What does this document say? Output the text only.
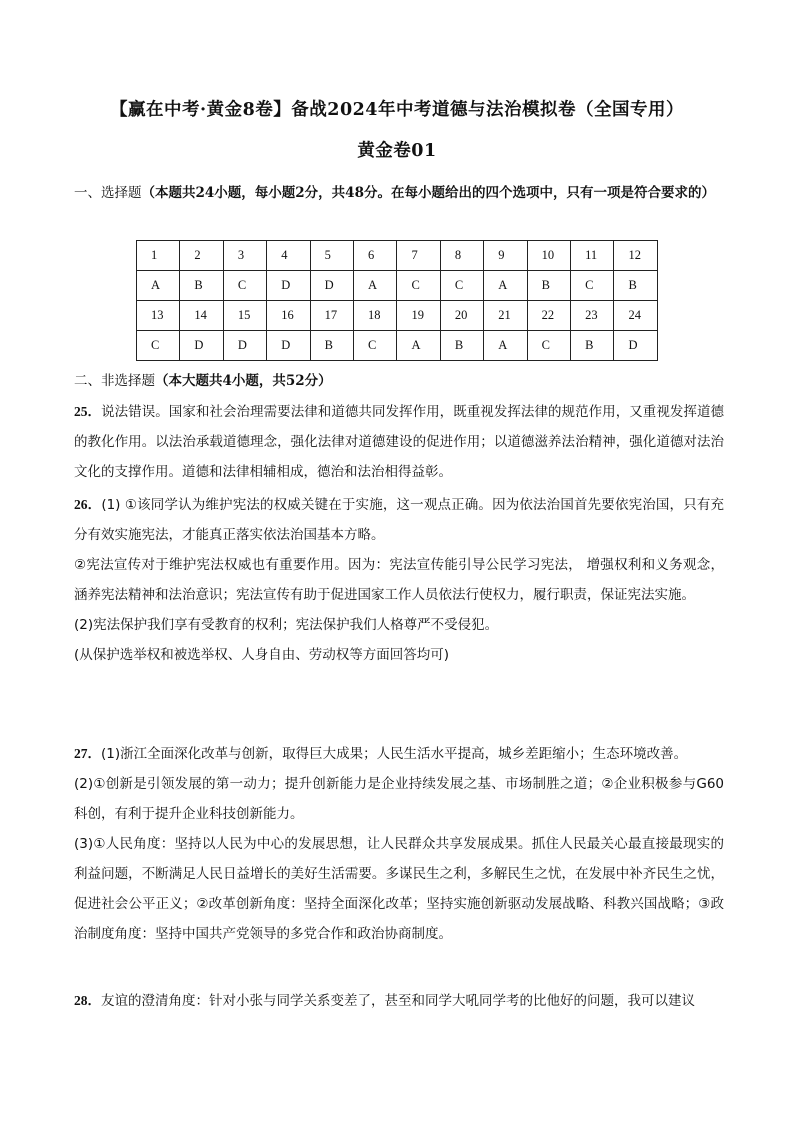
【赢在中考·黄金8卷】备战2024年中考道德与法治模拟卷（全国专用）
黄金卷01
一、选择题（本题共24小题，每小题2分，共48分。在每小题给出的四个选项中，只有一项是符合要求的）
1	2	3	4	5	6	7	8	9	10	11	12
A	B	C	D	D	A	C	C	A	B	C	B
13	14	15	16	17	18	19	20	21	22	23	24
C	D	D	D	B	C	A	B	A	C	B	D
二、非选择题（本大题共4小题，共52分）
25．说法错误。国家和社会治理需要法律和道德共同发挥作用，既重视发挥法律的规范作用，又重视发挥道德的教化作用。以法治承载道德理念，强化法律对道德建设的促进作用；以道德滋养法治精神，强化道德对法治文化的支撑作用。道德和法律相辅相成，德治和法治相得益彰。
26．(1) ①该同学认为维护宪法的权威关键在于实施，这一观点正确。因为依法治国首先要依宪治国，只有充分有效实施宪法，才能真正落实依法治国基本方略。
②宪法宣传对于维护宪法权威也有重要作用。因为：宪法宣传能引导公民学习宪法， 增强权利和义务观念，涵养宪法精神和法治意识；宪法宣传有助于促进国家工作人员依法行使权力，履行职责，保证宪法实施。
(2)宪法保护我们享有受教育的权利；宪法保护我们人格尊严不受侵犯。
(从保护选举权和被选举权、人身自由、劳动权等方面回答均可)
27．(1)浙江全面深化改革与创新，取得巨大成果；人民生活水平提高，城乡差距缩小；生态环境改善。
(2)①创新是引领发展的第一动力；提升创新能力是企业持续发展之基、市场制胜之道；②企业积极参与G60科创，有利于提升企业科技创新能力。
(3)①人民角度：坚持以人民为中心的发展思想，让人民群众共享发展成果。抓住人民最关心最直接最现实的利益问题，不断满足人民日益增长的美好生活需要。多谋民生之利，多解民生之忧，在发展中补齐民生之忧，促进社会公平正义；②改革创新角度：坚持全面深化改革；坚持实施创新驱动发展战略、科教兴国战略；③政治制度角度：坚持中国共产党领导的多党合作和政治协商制度。
28．友谊的澄清角度：针对小张与同学关系变差了，甚至和同学大吼同学考的比他好的问题，我可以建议
